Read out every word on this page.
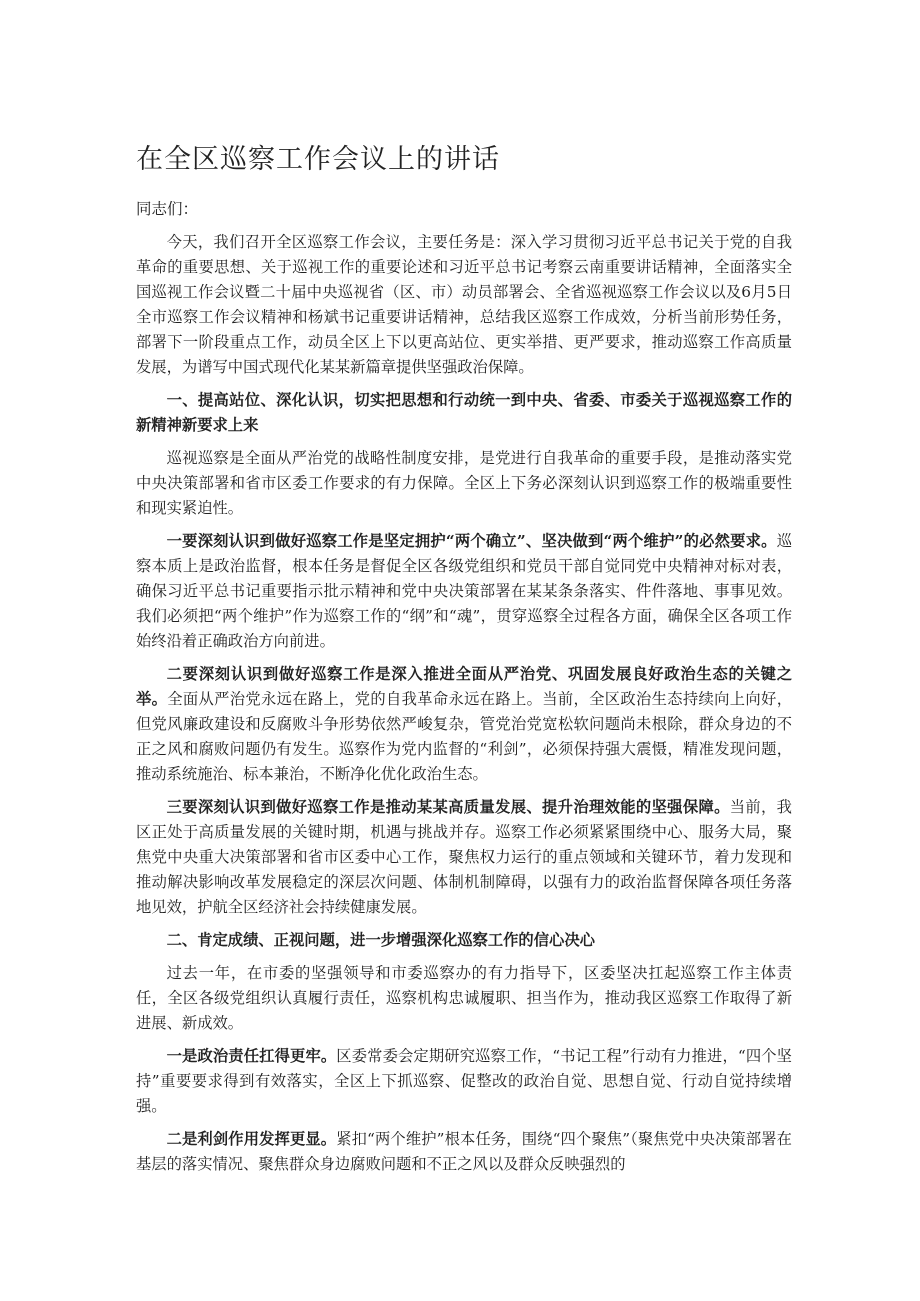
在全区巡察工作会议上的讲话

同志们：

今天，我们召开全区巡察工作会议，主要任务是：深入学习贯彻习近平总书记关于党的自我革命的重要思想、关于巡视工作的重要论述和习近平总书记考察云南重要讲话精神，全面落实全国巡视工作会议暨二十届中央巡视省（区、市）动员部署会、全省巡视巡察工作会议以及6月5日全市巡察工作会议精神和杨斌书记重要讲话精神，总结我区巡察工作成效，分析当前形势任务，部署下一阶段重点工作，动员全区上下以更高站位、更实举措、更严要求，推动巡察工作高质量发展，为谱写中国式现代化某某新篇章提供坚强政治保障。

一、提高站位、深化认识，切实把思想和行动统一到中央、省委、市委关于巡视巡察工作的新精神新要求上来

巡视巡察是全面从严治党的战略性制度安排，是党进行自我革命的重要手段，是推动落实党中央决策部署和省市区委工作要求的有力保障。全区上下务必深刻认识到巡察工作的极端重要性和现实紧迫性。

一要深刻认识到做好巡察工作是坚定拥护“两个确立”、坚决做到“两个维护”的必然要求。巡察本质上是政治监督，根本任务是督促全区各级党组织和党员干部自觉同党中央精神对标对表，确保习近平总书记重要指示批示精神和党中央决策部署在某某条条落实、件件落地、事事见效。我们必须把“两个维护”作为巡察工作的“纲”和“魂”，贯穿巡察全过程各方面，确保全区各项工作始终沿着正确政治方向前进。

二要深刻认识到做好巡察工作是深入推进全面从严治党、巩固发展良好政治生态的关键之举。全面从严治党永远在路上，党的自我革命永远在路上。当前，全区政治生态持续向上向好，但党风廉政建设和反腐败斗争形势依然严峻复杂，管党治党宽松软问题尚未根除，群众身边的不正之风和腐败问题仍有发生。巡察作为党内监督的“利剑”，必须保持强大震慑，精准发现问题，推动系统施治、标本兼治，不断净化优化政治生态。

三要深刻认识到做好巡察工作是推动某某高质量发展、提升治理效能的坚强保障。当前，我区正处于高质量发展的关键时期，机遇与挑战并存。巡察工作必须紧紧围绕中心、服务大局，聚焦党中央重大决策部署和省市区委中心工作，聚焦权力运行的重点领域和关键环节，着力发现和推动解决影响改革发展稳定的深层次问题、体制机制障碍，以强有力的政治监督保障各项任务落地见效，护航全区经济社会持续健康发展。

二、肯定成绩、正视问题，进一步增强深化巡察工作的信心决心

过去一年，在市委的坚强领导和市委巡察办的有力指导下，区委坚决扛起巡察工作主体责任，全区各级党组织认真履行责任，巡察机构忠诚履职、担当作为，推动我区巡察工作取得了新进展、新成效。

一是政治责任扛得更牢。区委常委会定期研究巡察工作，“书记工程”行动有力推进，“四个坚持”重要要求得到有效落实，全区上下抓巡察、促整改的政治自觉、思想自觉、行动自觉持续增强。

二是利剑作用发挥更显。紧扣“两个维护”根本任务，围绕“四个聚焦”（聚焦党中央决策部署在基层的落实情况、聚焦群众身边腐败问题和不正之风以及群众反映强烈的
